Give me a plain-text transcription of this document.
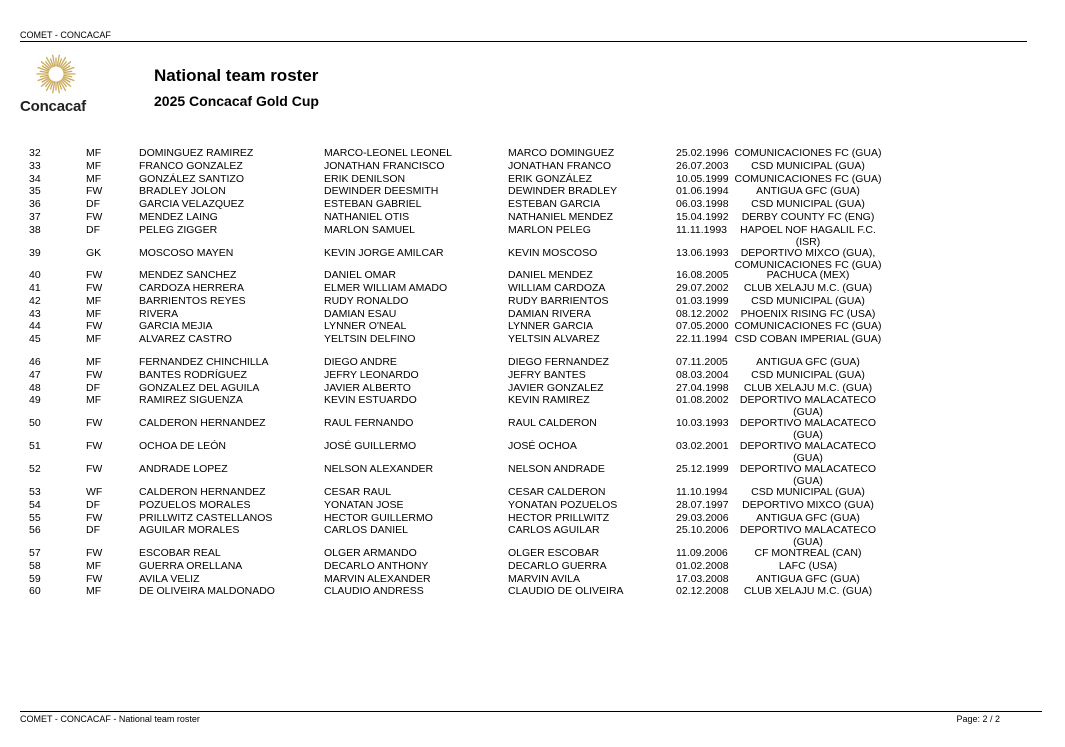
COMET - CONCACAF
Concacaf
National team roster
2025 Concacaf Gold Cup
32	MF	DOMINGUEZ RAMIREZ	MARCO-LEONEL LEONEL	MARCO DOMINGUEZ	25.02.1996 COMUNICACIONES FC (GUA)
33	MF	FRANCO GONZALEZ	JONATHAN FRANCISCO	JONATHAN FRANCO	26.07.2003	CSD MUNICIPAL (GUA)
34	MF	GONZÁLEZ SANTIZO	ERIK DENILSON	ERIK GONZÁLEZ	10.05.1999 COMUNICACIONES FC (GUA)
35	FW	BRADLEY JOLON	DEWINDER DEESMITH	DEWINDER BRADLEY	01.06.1994	ANTIGUA GFC (GUA)
36	DF	GARCIA VELAZQUEZ	ESTEBAN GABRIEL	ESTEBAN GARCIA	06.03.1998	CSD MUNICIPAL (GUA)
37	FW	MENDEZ LAING	NATHANIEL OTIS	NATHANIEL MENDEZ	15.04.1992	DERBY COUNTY FC (ENG)
38	DF	PELEG ZIGGER	MARLON SAMUEL	MARLON PELEG	11.11.1993	HAPOEL NOF HAGALIL F.C. (ISR)
39	GK	MOSCOSO MAYEN	KEVIN JORGE AMILCAR	KEVIN MOSCOSO	13.06.1993	DEPORTIVO MIXCO (GUA), COMUNICACIONES FC (GUA)
40	FW	MENDEZ SANCHEZ	DANIEL OMAR	DANIEL MENDEZ	16.08.2005	PACHUCA (MEX)
41	FW	CARDOZA HERRERA	ELMER WILLIAM AMADO	WILLIAM CARDOZA	29.07.2002	CLUB XELAJU M.C. (GUA)
42	MF	BARRIENTOS REYES	RUDY RONALDO	RUDY BARRIENTOS	01.03.1999	CSD MUNICIPAL (GUA)
43	MF	RIVERA	DAMIAN ESAU	DAMIAN RIVERA	08.12.2002	PHOENIX RISING FC (USA)
44	FW	GARCIA MEJIA	LYNNER O'NEAL	LYNNER GARCIA	07.05.2000 COMUNICACIONES FC (GUA)
45	MF	ALVAREZ CASTRO	YELTSIN DELFINO	YELTSIN ALVAREZ	22.11.1994 CSD COBAN IMPERIAL (GUA)
46	MF	FERNANDEZ CHINCHILLA	DIEGO ANDRE	DIEGO FERNANDEZ	07.11.2005	ANTIGUA GFC (GUA)
47	FW	BANTES RODRÍGUEZ	JEFRY LEONARDO	JEFRY BANTES	08.03.2004	CSD MUNICIPAL (GUA)
48	DF	GONZALEZ DEL AGUILA	JAVIER ALBERTO	JAVIER GONZALEZ	27.04.1998	CLUB XELAJU M.C. (GUA)
49	MF	RAMIREZ SIGUENZA	KEVIN ESTUARDO	KEVIN RAMIREZ	01.08.2002	DEPORTIVO MALACATECO (GUA)
50	FW	CALDERON HERNANDEZ	RAUL FERNANDO	RAUL CALDERON	10.03.1993	DEPORTIVO MALACATECO (GUA)
51	FW	OCHOA DE LEÓN	JOSÉ GUILLERMO	JOSÉ OCHOA	03.02.2001	DEPORTIVO MALACATECO (GUA)
52	FW	ANDRADE LOPEZ	NELSON ALEXANDER	NELSON ANDRADE	25.12.1999	DEPORTIVO MALACATECO (GUA)
53	WF	CALDERON HERNANDEZ	CESAR RAUL	CESAR CALDERON	11.10.1994	CSD MUNICIPAL (GUA)
54	DF	POZUELOS MORALES	YONATAN JOSE	YONATAN POZUELOS	28.07.1997	DEPORTIVO MIXCO (GUA)
55	FW	PRILLWITZ CASTELLANOS	HECTOR GUILLERMO	HECTOR PRILLWITZ	29.03.2006	ANTIGUA GFC (GUA)
56	DF	AGUILAR MORALES	CARLOS DANIEL	CARLOS AGUILAR	25.10.2006	DEPORTIVO MALACATECO (GUA)
57	FW	ESCOBAR REAL	OLGER ARMANDO	OLGER ESCOBAR	11.09.2006	CF MONTREAL (CAN)
58	MF	GUERRA ORELLANA	DECARLO ANTHONY	DECARLO GUERRA	01.02.2008	LAFC (USA)
59	FW	AVILA VELIZ	MARVIN ALEXANDER	MARVIN AVILA	17.03.2008	ANTIGUA GFC (GUA)
60	MF	DE OLIVEIRA MALDONADO	CLAUDIO ANDRESS	CLAUDIO DE OLIVEIRA	02.12.2008	CLUB XELAJU M.C. (GUA)
COMET - CONCACAF - National team roster	Page: 2 / 2
